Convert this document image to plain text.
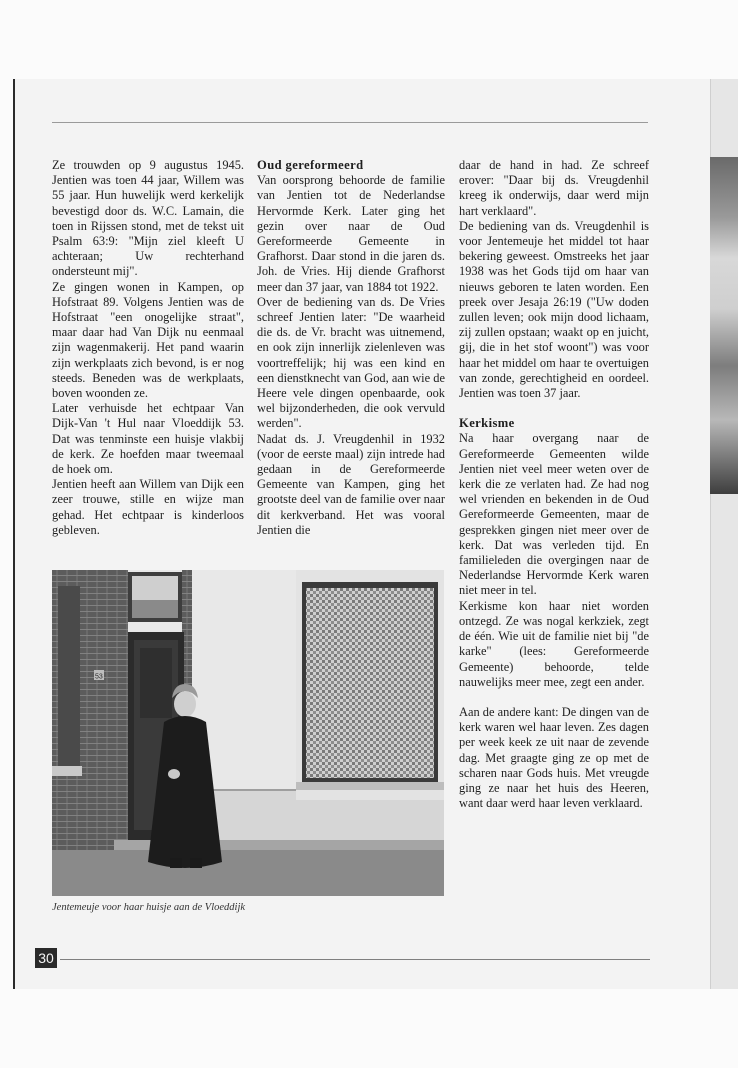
Ze trouwden op 9 augustus 1945. Jentien was toen 44 jaar, Willem was 55 jaar. Hun huwelijk werd kerkelijk bevestigd door ds. W.C. Lamain, die toen in Rijssen stond, met de tekst uit Psalm 63:9: "Mijn ziel kleeft U achteraan; Uw rechterhand ondersteunt mij".

Ze gingen wonen in Kampen, op Hofstraat 89. Volgens Jentien was de Hofstraat "een onogelijke straat", maar daar had Van Dijk nu eenmaal zijn wagenmakerij. Het pand waarin zijn werkplaats zich bevond, is er nog steeds. Beneden was de werkplaats, boven woonden ze.

Later verhuisde het echtpaar Van Dijk-Van 't Hul naar Vloeddijk 53. Dat was tenminste een huisje vlakbij de kerk. Ze hoefden maar tweemaal de hoek om.

Jentien heeft aan Willem van Dijk een zeer trouwe, stille en wijze man gehad. Het echtpaar is kinderloos gebleven.

Oud gereformeerd

Van oorsprong behoorde de familie van Jentien tot de Nederlandse Hervormde Kerk. Later ging het gezin over naar de Oud Gereformeerde Gemeente in Grafhorst. Daar stond in die jaren ds. Joh. de Vries. Hij diende Grafhorst meer dan 37 jaar, van 1884 tot 1922.

Over de bediening van ds. De Vries schreef Jentien later: "De waarheid die ds. de Vr. bracht was uitnemend, en ook zijn innerlijk zielenleven was voortreffelijk; hij was een kind en een dienstknecht van God, aan wie de Heere vele dingen openbaarde, ook wel bijzonderheden, die ook vervuld werden".

Nadat ds. J. Vreugdenhil in 1932 (voor de eerste maal) zijn intrede had gedaan in de Gereformeerde Gemeente van Kampen, ging het grootste deel van de familie over naar dit kerkverband. Het was vooral Jentien die

daar de hand in had. Ze schreef erover: "Daar bij ds. Vreugdenhil kreeg ik onderwijs, daar werd mijn hart verklaard".

De bediening van ds. Vreugdenhil is voor Jentemeuje het middel tot haar bekering geweest. Omstreeks het jaar 1938 was het Gods tijd om haar van nieuws geboren te laten worden. Een preek over Jesaja 26:19 ("Uw doden zullen leven; ook mijn dood lichaam, zij zullen opstaan; waakt op en juicht, gij, die in het stof woont") was voor haar het middel om haar te overtuigen van zonde, gerechtigheid en oordeel. Jentien was toen 37 jaar.

Kerkisme

Na haar overgang naar de Gereformeerde Gemeenten wilde Jentien niet veel meer weten over de kerk die ze verlaten had. Ze had nog wel vrienden en bekenden in de Oud Gereformeerde Gemeenten, maar de gesprekken gingen niet meer over de kerk. Dat was verleden tijd. En familieleden die overgingen naar de Nederlandse Hervormde Kerk waren niet meer in tel.

Kerkisme kon haar niet worden ontzegd. Ze was nogal kerkziek, zegt de één. Wie uit de familie niet bij "de karke" (lees: Gereformeerde Gemeente) behoorde, telde nauwelijks meer mee, zegt een ander.

Aan de andere kant: De dingen van de kerk waren wel haar leven. Zes dagen per week keek ze uit naar de zevende dag. Met graagte ging ze op met de scharen naar Gods huis. Met vreugde ging ze naar het huis des Heeren, want daar werd haar leven verklaard.

53
Jentemeuje voor haar huisje aan de Vloeddijk
30
